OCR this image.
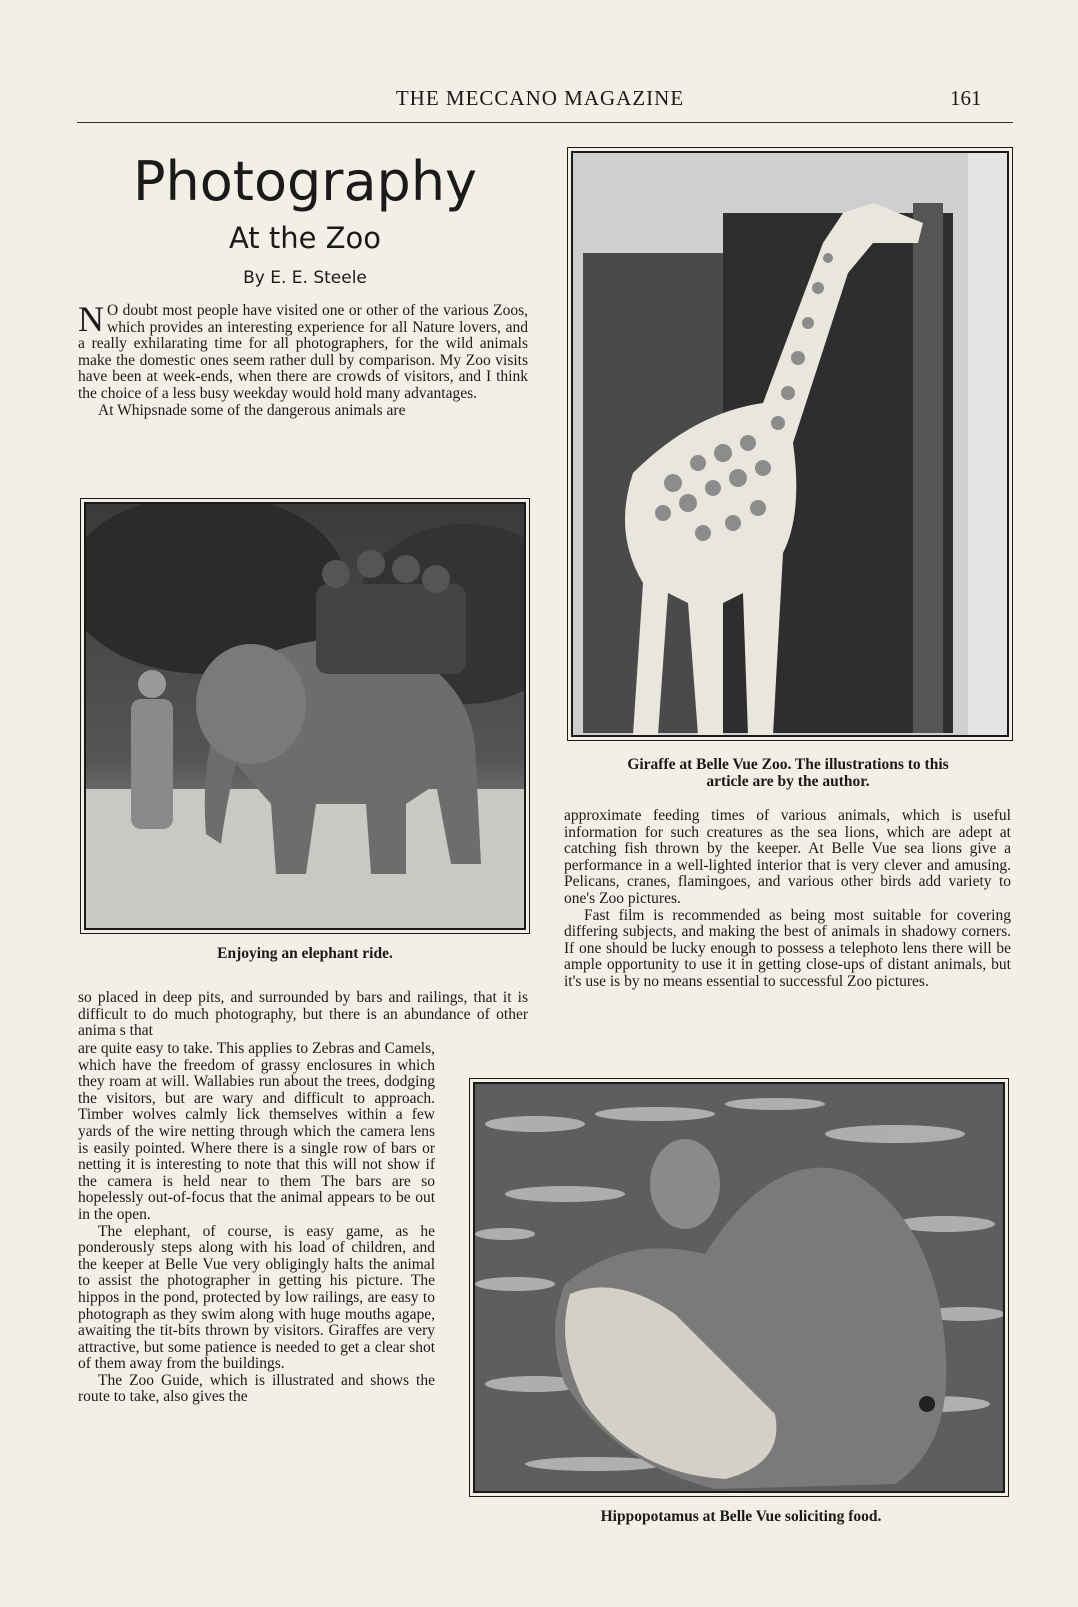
THE MECCANO MAGAZINE	161
Photography
At the Zoo
By E. E. Steele

N O doubt most people have visited one or other of the various Zoos, which provides an interesting experience for all Nature lovers, and a really exhilarating time for all photographers, for the wild animals make the domestic ones seem rather dull by comparison. My Zoo visits have been at week-ends, when there are crowds of visitors, and I think the choice of a less busy weekday would hold many advantages.

At Whipsnade some of the dangerous animals are

Enjoying an elephant ride.

so placed in deep pits, and surrounded by bars and railings, that it is difficult to do much photography, but there is an abundance of other anima s that

are quite easy to take. This applies to Zebras and Camels, which have the freedom of grassy enclosures in which they roam at will. Wallabies run about the trees, dodging the visitors, but are wary and difficult to approach. Timber wolves calmly lick themselves within a few yards of the wire netting through which the camera lens is easily pointed. Where there is a single row of bars or netting it is interesting to note that this will not show if the camera is held near to them The bars are so hopelessly out-of-focus that the animal appears to be out in the open.

The elephant, of course, is easy game, as he ponderously steps along with his load of children, and the keeper at Belle Vue very obligingly halts the animal to assist the photographer in getting his picture. The hippos in the pond, protected by low railings, are easy to photograph as they swim along with huge mouths agape, awaiting the tit-bits thrown by visitors. Giraffes are very attractive, but some patience is needed to get a clear shot of them away from the buildings.

The Zoo Guide, which is illustrated and shows the route to take, also gives the

Giraffe at Belle Vue Zoo. The illustrations to this
article are by the author.

approximate feeding times of various animals, which is useful information for such creatures as the sea lions, which are adept at catching fish thrown by the keeper. At Belle Vue sea lions give a performance in a well-lighted interior that is very clever and amusing. Pelicans, cranes, flamingoes, and various other birds add variety to one's Zoo pictures.

Fast film is recommended as being most suitable for covering differing subjects, and making the best of animals in shadowy corners. If one should be lucky enough to possess a telephoto lens there will be ample opportunity to use it in getting close-ups of distant animals, but it's use is by no means essential to successful Zoo pictures.

Hippopotamus at Belle Vue soliciting food.
